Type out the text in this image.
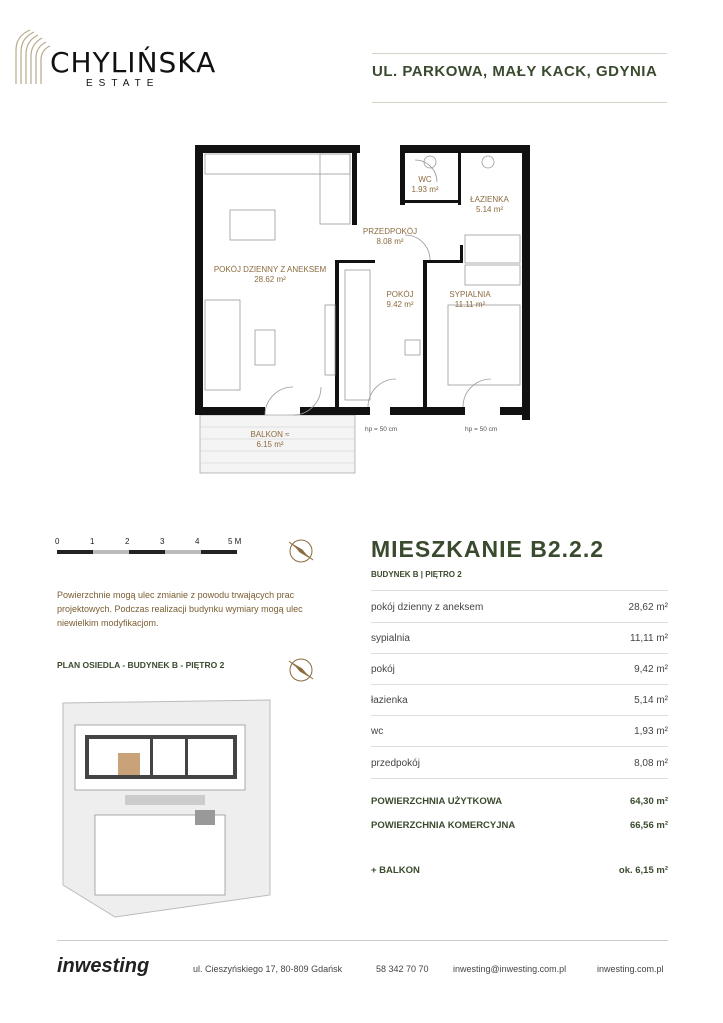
CHYLIŃSKA
ESTATE
UL. PARKOWA, MAŁY KACK, GDYNIA
POKÓJ DZIENNY Z ANEKSEM
28.62 m²
WC
1.93 m²
ŁAZIENKA
5.14 m²
PRZEDPOKÓJ
8.08 m²
POKÓJ
9.42 m²
SYPIALNIA
11.11 m²
BALKON ≈
6.15 m²
hp = 50 cm	hp = 50 cm
0	1	2	3	4	5 M
Powierzchnie mogą ulec zmianie z powodu trwających prac projektowych. Podczas realizacji budynku wymiary mogą ulec niewielkim modyfikacjom.
PLAN OSIEDLA - BUDYNEK B - PIĘTRO 2
MIESZKANIE B2.2.2
BUDYNEK B | PIĘTRO 2
pokój dzienny z aneksem	28,62 m²
sypialnia	11,11 m²
pokój	9,42 m²
łazienka	5,14 m²
wc	1,93 m²
przedpokój	8,08 m²
POWIERZCHNIA UŻYTKOWA	64,30 m²
POWIERZCHNIA KOMERCYJNA	66,56 m²
+ BALKON	ok. 6,15 m²
inwesting	ul. Cieszyńskiego 17, 80-809 Gdańsk	58 342 70 70	inwesting@inwesting.com.pl	inwesting.com.pl
